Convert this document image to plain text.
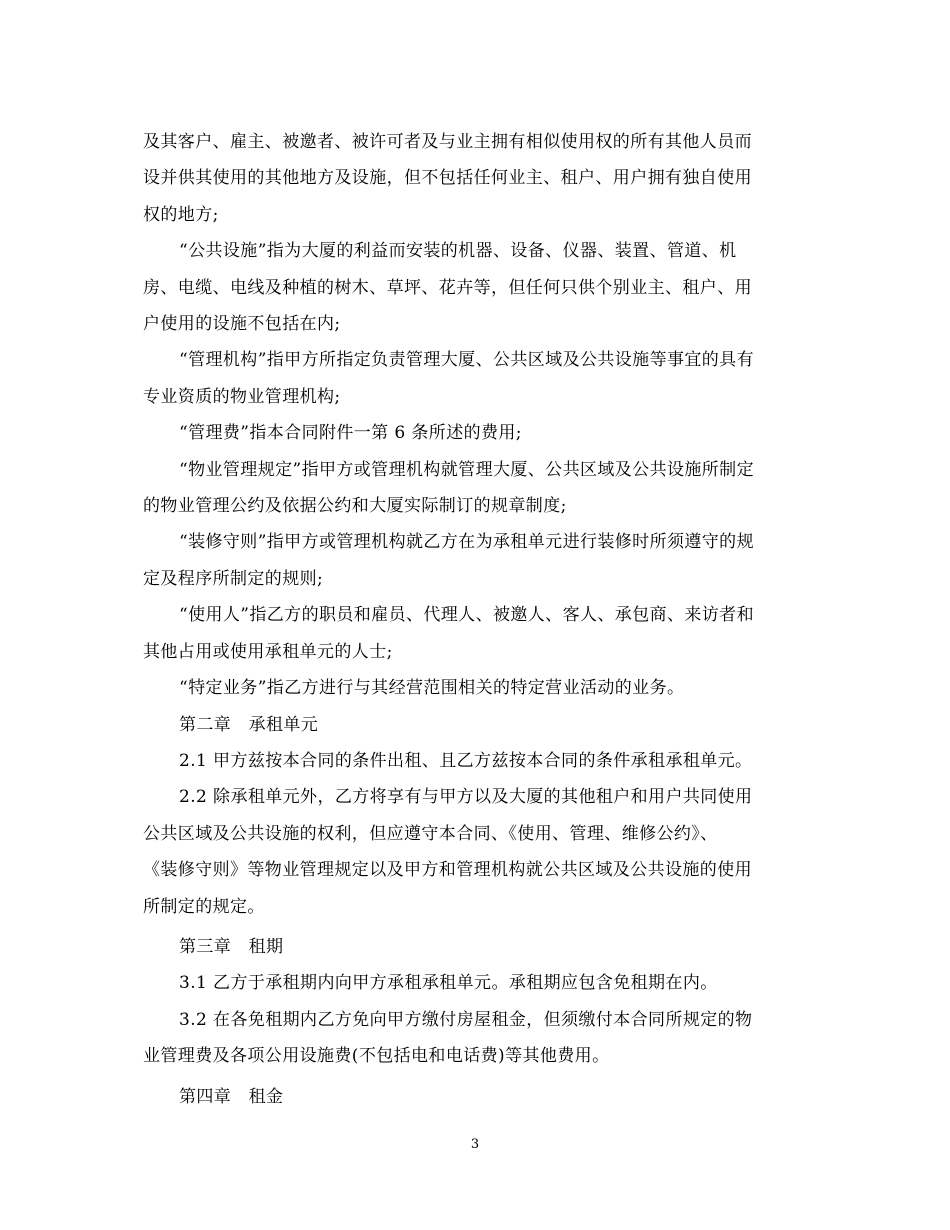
及其客户、雇主、被邀者、被许可者及与业主拥有相似使用权的所有其他人员而

设并供其使用的其他地方及设施，但不包括任何业主、租户、用户拥有独自使用

权的地方;

“公共设施”指为大厦的利益而安装的机器、设备、仪器、装置、管道、机

房、电缆、电线及种植的树木、草坪、花卉等，但任何只供个别业主、租户、用

户使用的设施不包括在内;

“管理机构”指甲方所指定负责管理大厦、公共区域及公共设施等事宜的具有

专业资质的物业管理机构;

“管理费”指本合同附件一第 6 条所述的费用;

“物业管理规定”指甲方或管理机构就管理大厦、公共区域及公共设施所制定

的物业管理公约及依据公约和大厦实际制订的规章制度;

“装修守则”指甲方或管理机构就乙方在为承租单元进行装修时所须遵守的规

定及程序所制定的规则;

“使用人”指乙方的职员和雇员、代理人、被邀人、客人、承包商、来访者和

其他占用或使用承租单元的人士;

“特定业务”指乙方进行与其经营范围相关的特定营业活动的业务。

第二章　承租单元

2.1 甲方兹按本合同的条件出租、且乙方兹按本合同的条件承租承租单元。

2.2 除承租单元外，乙方将享有与甲方以及大厦的其他租户和用户共同使用

公共区域及公共设施的权利，但应遵守本合同、《使用、管理、维修公约》、

《装修守则》等物业管理规定以及甲方和管理机构就公共区域及公共设施的使用

所制定的规定。

第三章　租期

3.1 乙方于承租期内向甲方承租承租单元。承租期应包含免租期在内。

3.2 在各免租期内乙方免向甲方缴付房屋租金，但须缴付本合同所规定的物

业管理费及各项公用设施费(不包括电和电话费)等其他费用。

第四章　租金

3
